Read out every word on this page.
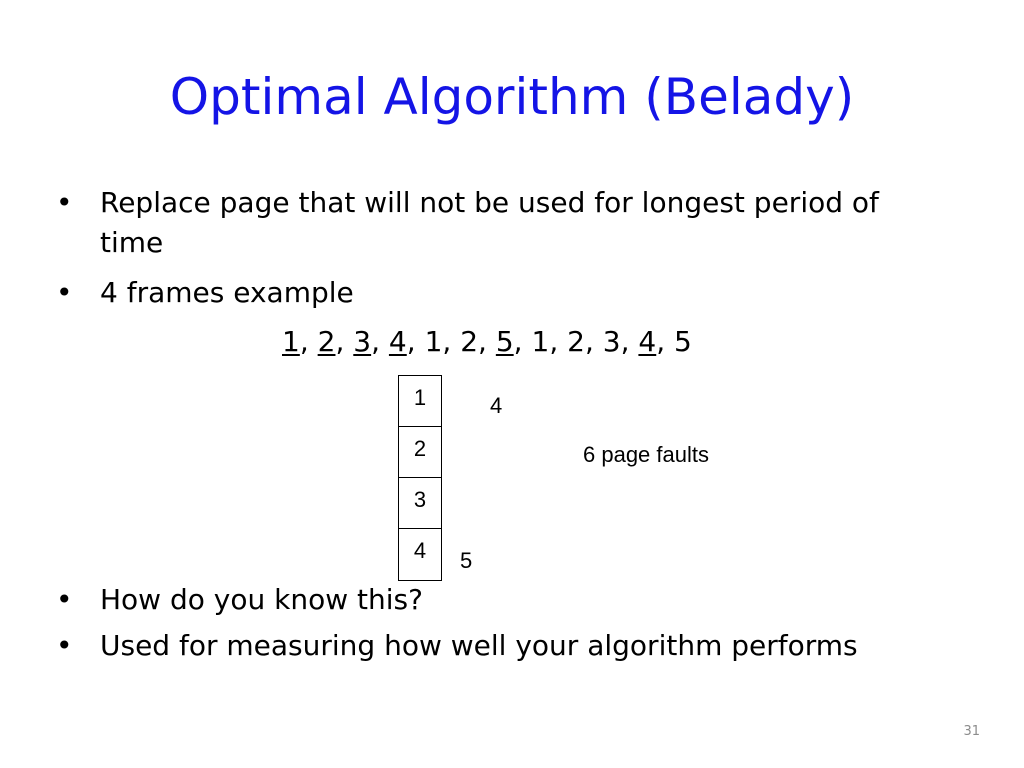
Optimal Algorithm (Belady)
• Replace page that will not be used for longest period of time
• 4 frames example
1, 2, 3, 4, 1, 2, 5, 1, 2, 3, 4, 5
1
2
3
4
4
5
6 page faults
• How do you know this?
• Used for measuring how well your algorithm performs
31
